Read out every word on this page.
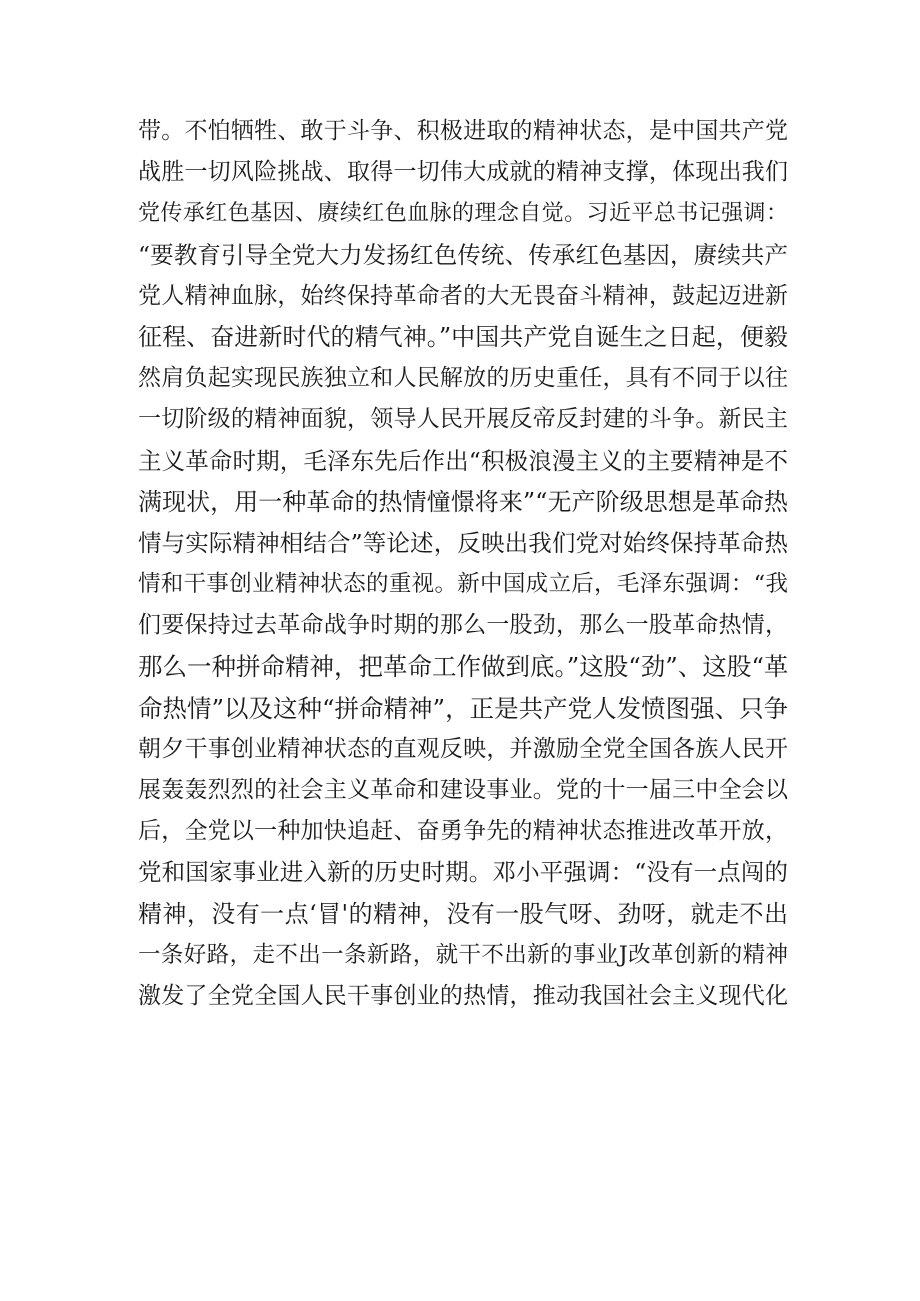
带。不怕牺牲、敢于斗争、积极进取的精神状态，是中国共产党
战胜一切风险挑战、取得一切伟大成就的精神支撑，体现出我们
党传承红色基因、赓续红色血脉的理念自觉。习近平总书记强调：
“要教育引导全党大力发扬红色传统、传承红色基因，赓续共产
党人精神血脉，始终保持革命者的大无畏奋斗精神，鼓起迈进新
征程、奋进新时代的精气神。”中国共产党自诞生之日起，便毅
然肩负起实现民族独立和人民解放的历史重任，具有不同于以往
一切阶级的精神面貌，领导人民开展反帝反封建的斗争。新民主
主义革命时期，毛泽东先后作出“积极浪漫主义的主要精神是不
满现状，用一种革命的热情憧憬将来”“无产阶级思想是革命热
情与实际精神相结合”等论述，反映出我们党对始终保持革命热
情和干事创业精神状态的重视。新中国成立后，毛泽东强调：“我
们要保持过去革命战争时期的那么一股劲，那么一股革命热情，
那么一种拼命精神，把革命工作做到底。”这股“劲”、这股“革
命热情”以及这种“拼命精神”，正是共产党人发愤图强、只争
朝夕干事创业精神状态的直观反映，并激励全党全国各族人民开
展轰轰烈烈的社会主义革命和建设事业。党的十一届三中全会以
后，全党以一种加快追赶、奋勇争先的精神状态推进改革开放，
党和国家事业进入新的历史时期。邓小平强调：“没有一点闯的
精神，没有一点‘冒'的精神，没有一股气呀、劲呀，就走不出
一条好路，走不出一条新路，就干不出新的事业J改革创新的精神
激发了全党全国人民干事创业的热情，推动我国社会主义现代化
